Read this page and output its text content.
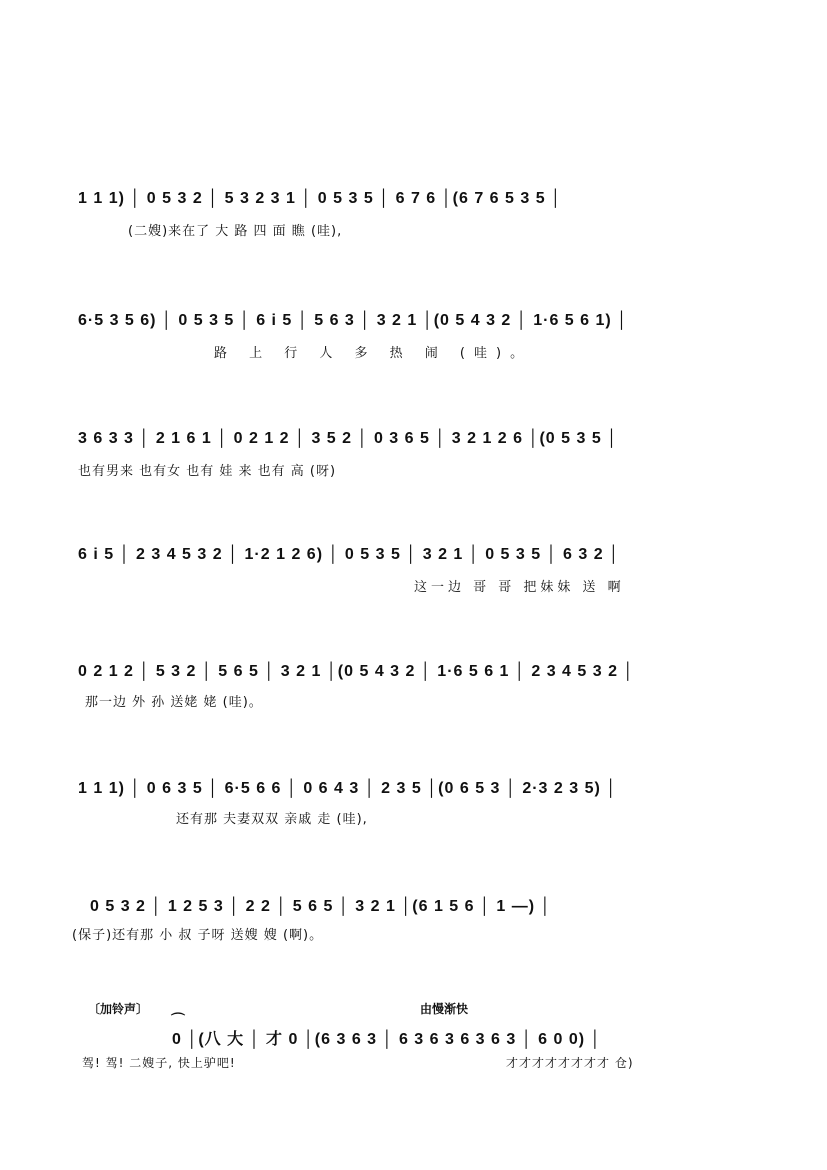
1 1 1) │ 0 5 3 2 │ 5 3 2 3 1 │ 0 5 3 5 │ 6 7 6 │(6 7 6 5 3 5 │
(二嫂)来在了 大 路 四 面 瞧 (哇),
6·5 3 5 6) │ 0 5 3 5 │ 6 i 5 │ 5 6 3 │ 3 2 1 │(0 5 4 3 2 │ 1·6 5 6 1) │
路 上 行 人 多 热 闹 (哇)。
3 6 3 3 │ 2 1 6 1 │ 0 2 1 2 │ 3 5 2 │ 0 3 6 5 │ 3 2 1 2 6 │(0 5 3 5 │
也有男来 也有女 也有 娃 来 也有 高 (呀)
6 i 5 │ 2 3 4 5 3 2 │ 1·2 1 2 6) │ 0 5 3 5 │ 3 2 1 │ 0 5 3 5 │ 6 3 2 │
这一边 哥 哥 把妹妹 送 啊
0 2 1 2 │ 5 3 2 │ 5 6 5 │ 3 2 1 │(0 5 4 3 2 │ 1·6 5 6 1 │ 2 3 4 5 3 2 │
那一边 外 孙 送姥 姥 (哇)。
1 1 1) │ 0 6 3 5 │ 6·5 6 6 │ 0 6 4 3 │ 2 3 5 │(0 6 5 3 │ 2·3 2 3 5) │
还有那 夫妻双双 亲戚 走 (哇),
0 5 3 2 │ 1 2 5 3 │ 2 2 │ 5 6 5 │ 3 2 1 │(6 1 5 6 │ 1 —) │
(保子)还有那 小 叔 子呀 送嫂 嫂 (啊)。
〔加铃声〕	由慢渐快
⌒
0 │(八 大 │ 才 0 │(6 3 6 3 │ 6 3 6 3 6 3 6 3 │ 6 0 0) │
驾! 驾! 二嫂子, 快上驴吧!	才才才才才才才才 仓)
